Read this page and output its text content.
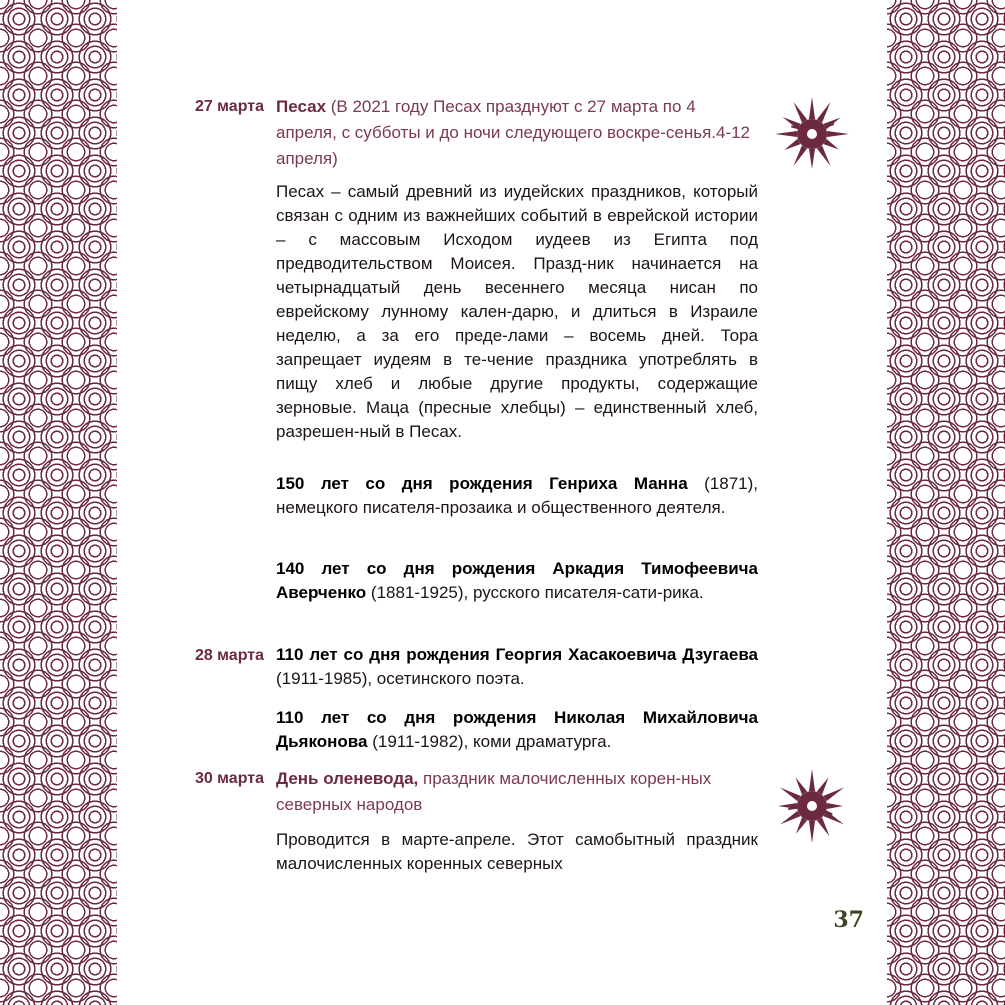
27 марта Песах (В 2021 году Песах празднуют с 27 марта по 4 апреля, с субботы и до ночи следующего воскре-сенья.4-12 апреля)

Песах – самый древний из иудейских праздников, который связан с одним из важнейших событий в еврейской истории – с массовым Исходом иудеев из Египта под предводительством Моисея. Празд-ник начинается на четырнадцатый день весеннего месяца нисан по еврейскому лунному кален-дарю, и длиться в Израиле неделю, а за его преде-лами – восемь дней. Тора запрещает иудеям в те-чение праздника употреблять в пищу хлеб и любые другие продукты, содержащие зерновые. Маца (пресные хлебцы) – единственный хлеб, разрешен-ный в Песах.

150 лет со дня рождения Генриха Манна (1871), немецкого писателя-прозаика и общественного деятеля.

140 лет со дня рождения Аркадия Тимофеевича Аверченко (1881-1925), русского писателя-сати-рика.

28 марта 110 лет со дня рождения Георгия Хасакоевича Дзугаева (1911-1985), осетинского поэта.

110 лет со дня рождения Николая Михайловича Дьяконова (1911-1982), коми драматурга.

30 марта День оленевода, праздник малочисленных корен-ных северных народов

Проводится в марте-апреле. Этот самобытный праздник малочисленных коренных северных

37
